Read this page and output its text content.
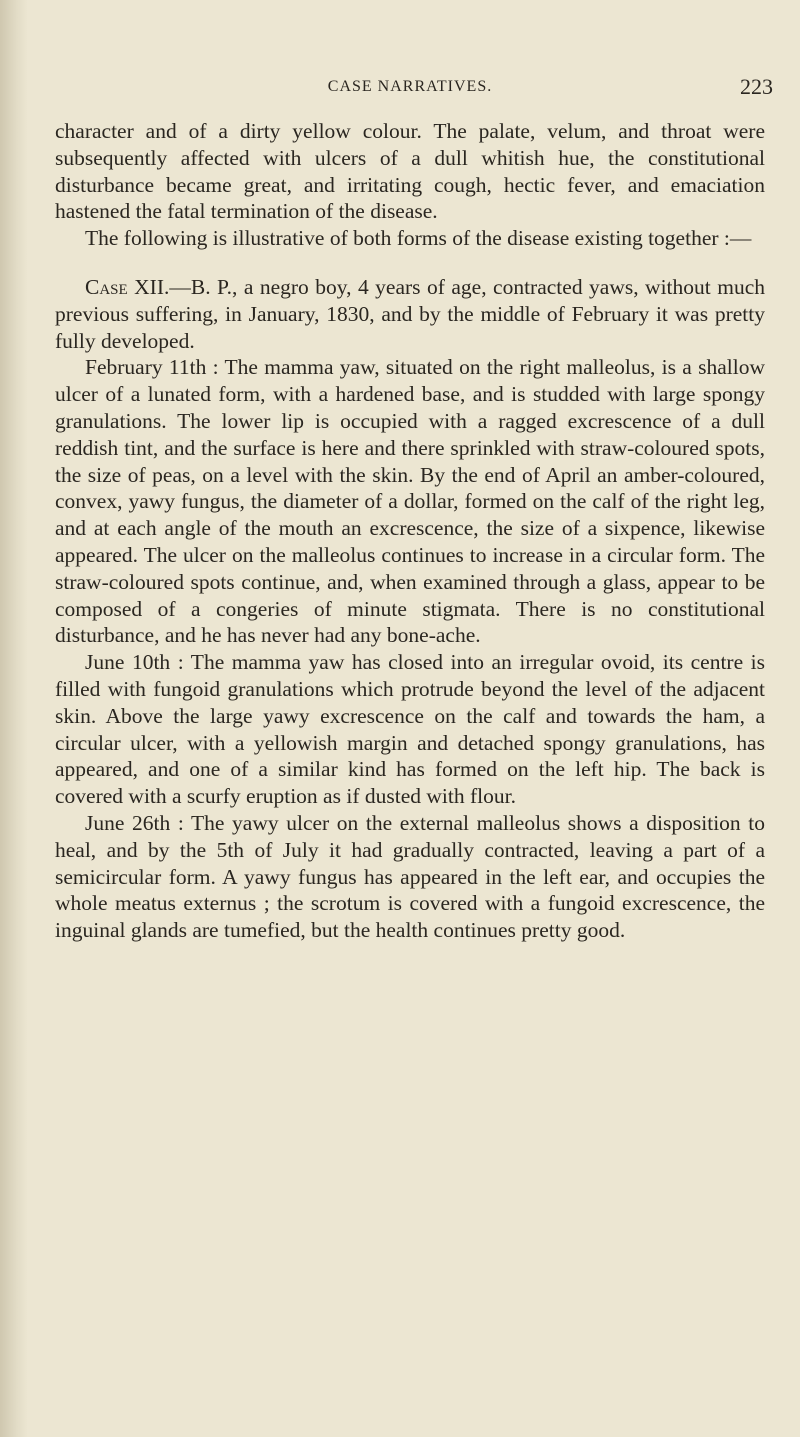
CASE NARRATIVES.	223

character and of a dirty yellow colour. The palate, velum, and throat were subsequently affected with ulcers of a dull whitish hue, the constitutional disturbance became great, and irritating cough, hectic fever, and emaciation hastened the fatal termination of the disease.

The following is illustrative of both forms of the disease existing together :—

Case XII.—B. P., a negro boy, 4 years of age, contracted yaws, without much previous suffering, in January, 1830, and by the middle of February it was pretty fully developed.

February 11th : The mamma yaw, situated on the right malleolus, is a shallow ulcer of a lunated form, with a hardened base, and is studded with large spongy granulations. The lower lip is occupied with a ragged excrescence of a dull reddish tint, and the surface is here and there sprinkled with straw-coloured spots, the size of peas, on a level with the skin. By the end of April an amber-coloured, convex, yawy fungus, the diameter of a dollar, formed on the calf of the right leg, and at each angle of the mouth an excrescence, the size of a sixpence, likewise appeared. The ulcer on the malleolus continues to increase in a circular form. The straw-coloured spots continue, and, when examined through a glass, appear to be composed of a congeries of minute stigmata. There is no constitutional disturbance, and he has never had any bone-ache.

June 10th : The mamma yaw has closed into an irregular ovoid, its centre is filled with fungoid granulations which protrude beyond the level of the adjacent skin. Above the large yawy excrescence on the calf and towards the ham, a circular ulcer, with a yellowish margin and detached spongy granulations, has appeared, and one of a similar kind has formed on the left hip. The back is covered with a scurfy eruption as if dusted with flour.

June 26th : The yawy ulcer on the external malleolus shows a disposition to heal, and by the 5th of July it had gradually contracted, leaving a part of a semicircular form. A yawy fungus has appeared in the left ear, and occupies the whole meatus externus ; the scrotum is covered with a fungoid excrescence, the inguinal glands are tumefied, but the health continues pretty good.
